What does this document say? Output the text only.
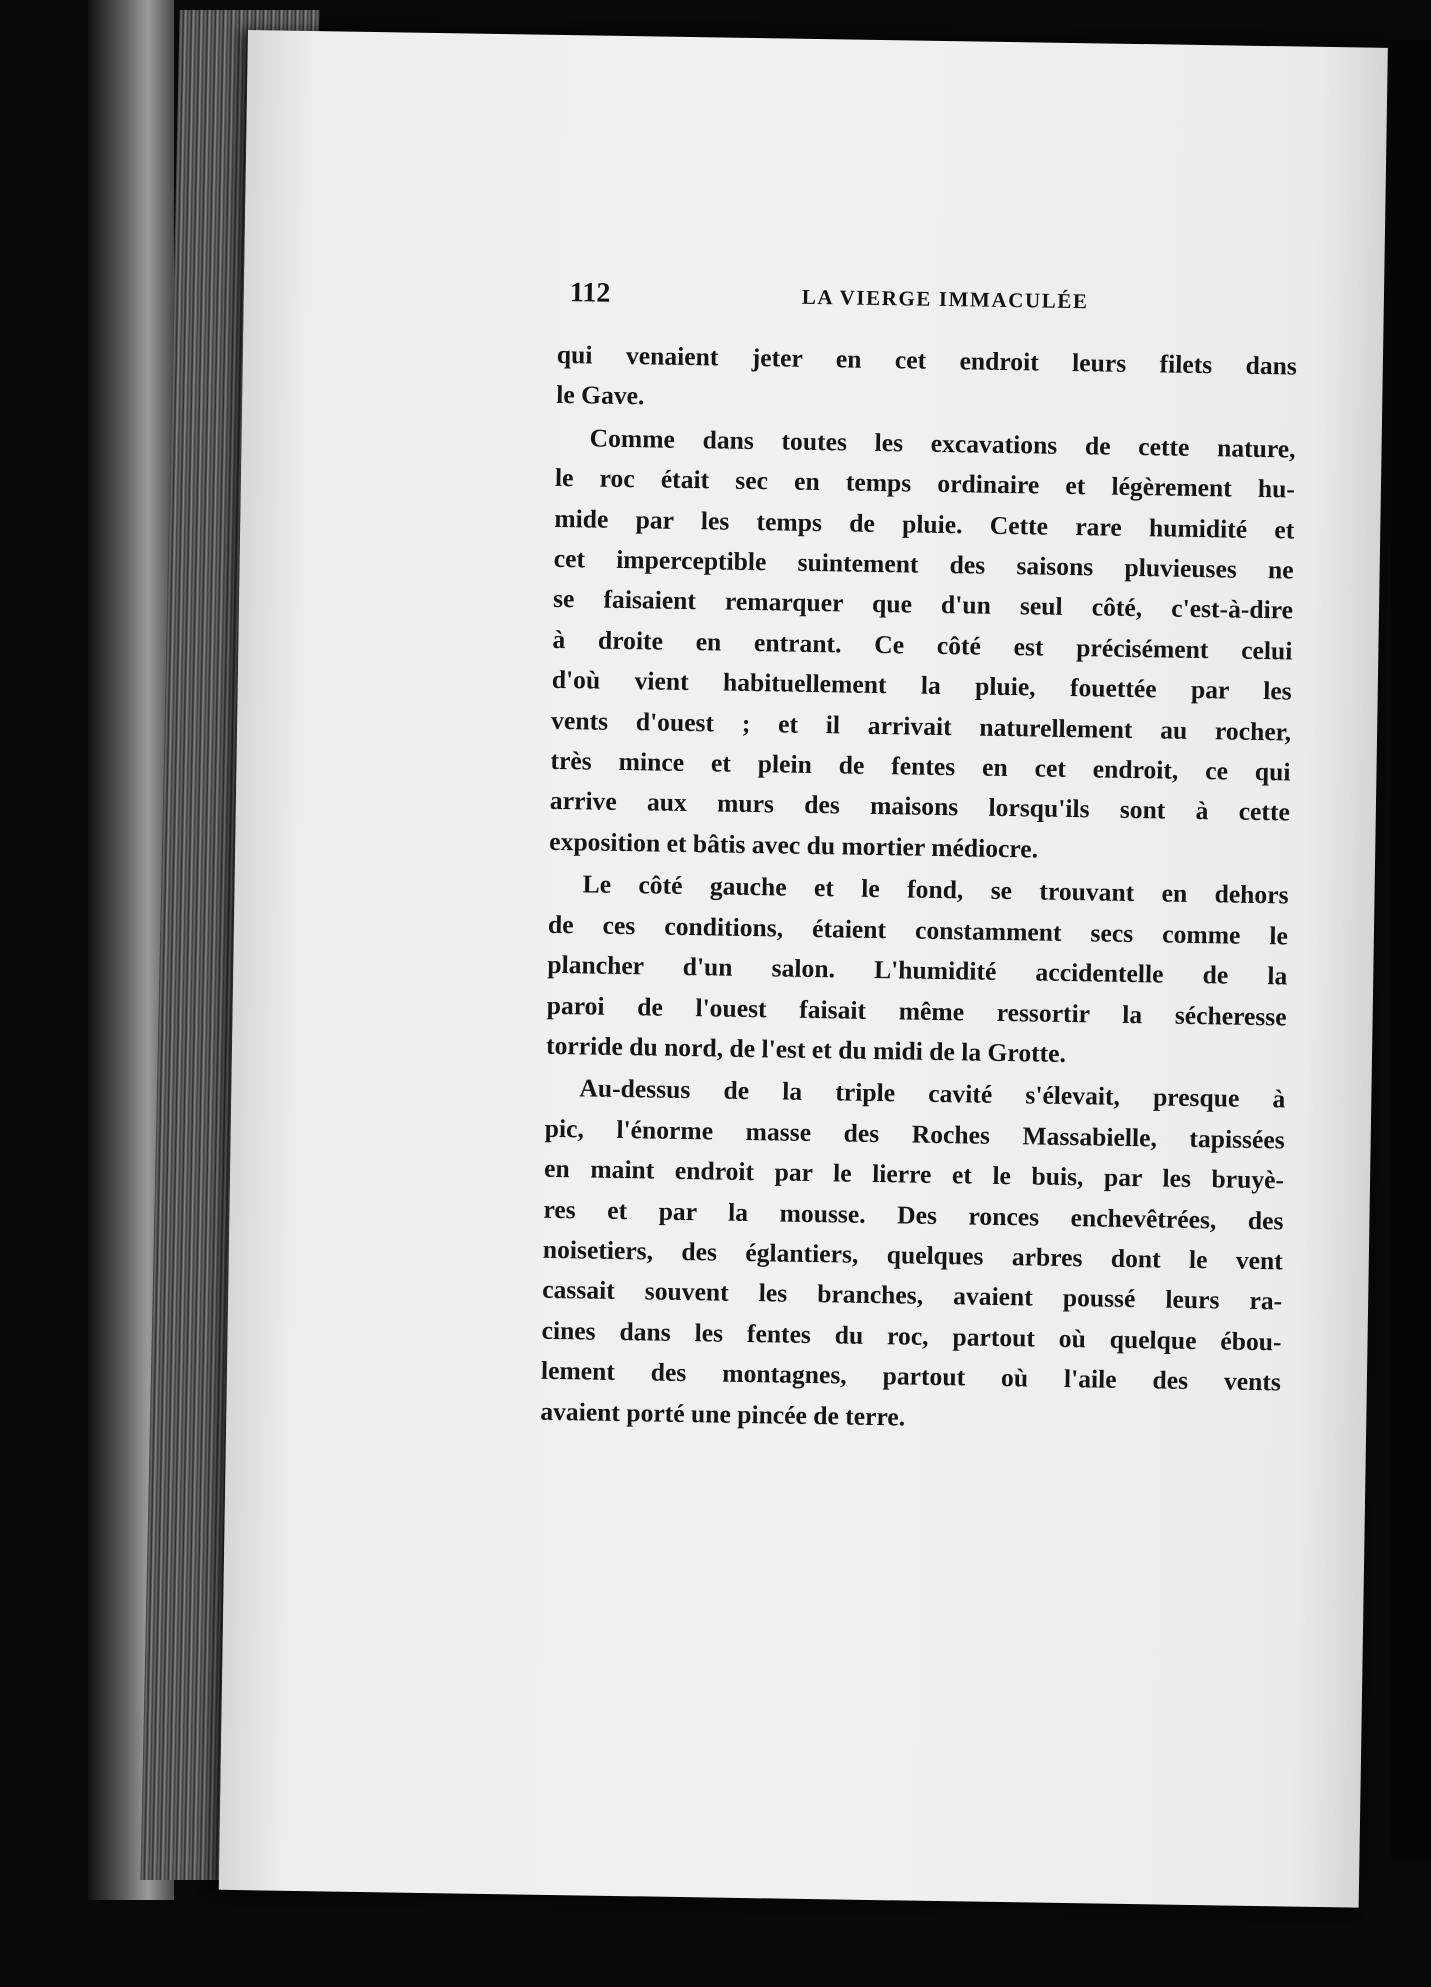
112	LA VIERGE IMMACULÉE
qui venaient jeter en cet endroit leurs filets dans
le Gave.
Comme dans toutes les excavations de cette nature,
le roc était sec en temps ordinaire et légèrement hu-
mide par les temps de pluie. Cette rare humidité et
cet imperceptible suintement des saisons pluvieuses ne
se faisaient remarquer que d'un seul côté, c'est-à-dire
à droite en entrant. Ce côté est précisément celui
d'où vient habituellement la pluie, fouettée par les
vents d'ouest ; et il arrivait naturellement au rocher,
très mince et plein de fentes en cet endroit, ce qui
arrive aux murs des maisons lorsqu'ils sont à cette
exposition et bâtis avec du mortier médiocre.
Le côté gauche et le fond, se trouvant en dehors
de ces conditions, étaient constamment secs comme le
plancher d'un salon. L'humidité accidentelle de la
paroi de l'ouest faisait même ressortir la sécheresse
torride du nord, de l'est et du midi de la Grotte.
Au-dessus de la triple cavité s'élevait, presque à
pic, l'énorme masse des Roches Massabielle, tapissées
en maint endroit par le lierre et le buis, par les bruyè-
res et par la mousse. Des ronces enchevêtrées, des
noisetiers, des églantiers, quelques arbres dont le vent
cassait souvent les branches, avaient poussé leurs ra-
cines dans les fentes du roc, partout où quelque ébou-
lement des montagnes, partout où l'aile des vents
avaient porté une pincée de terre.
